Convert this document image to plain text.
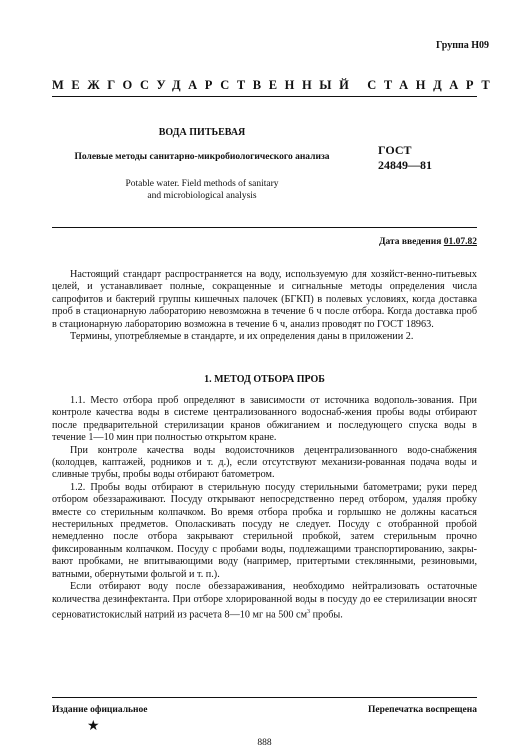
Группа Н09
МЕЖГОСУДАРСТВЕННЫЙ СТАНДАРТ
ВОДА ПИТЬЕВАЯ
Полевые методы санитарно-микробиологического анализа
Potable water. Field methods of sanitary
and microbiological analysis
ГОСТ
24849—81
Дата введения 01.07.82

Настоящий стандарт распространяется на воду, используемую для хозяйст-венно-питьевых целей, и устанавливает полные, сокращенные и сигнальные методы определения числа сапрофитов и бактерий группы кишечных палочек (БГКП) в полевых условиях, когда доставка проб в стационарную лабораторию невозможна в течение 6 ч после отбора. Когда доставка проб в стационарную лабораторию возможна в течение 6 ч, анализ проводят по ГОСТ 18963.

Термины, употребляемые в стандарте, и их определения даны в приложении 2.

1. МЕТОД ОТБОРА ПРОБ

1.1. Место отбора проб определяют в зависимости от источника водополь-зования. При контроле качества воды в системе централизованного водоснаб-жения пробы воды отбирают после предварительной стерилизации кранов обжиганием и последующего спуска воды в течение 1—10 мин при полностью открытом кране.

При контроле качества воды водоисточников децентрализованного водо-снабжения (колодцев, каптажей, родников и т. д.), если отсутствуют механизи-рованная подача воды и сливные трубы, пробы воды отбирают батометром.

1.2. Пробы воды отбирают в стерильную посуду стерильными батометрами; руки перед отбором обеззараживают. Посуду открывают непосредственно перед отбором, удаляя пробку вместе со стерильным колпачком. Во время отбора пробка и горлышко не должны касаться нестерильных предметов. Ополаскивать посуду не следует. Посуду с отобранной пробой немедленно после отбора закрывают стерильной пробкой, затем стерильным прочно фиксированным колпачком. Посуду с пробами воды, подлежащими транспортированию, закры-вают пробками, не впитывающими воду (например, притертыми стеклянными, резиновыми, ватными, обернутыми фольгой и т. п.).

Если отбирают воду после обеззараживания, необходимо нейтрализовать остаточные количества дезинфектанта. При отборе хлорированной воды в посуду до ее стерилизации вносят серноватистокислый натрий из расчета 8—10 мг на 500 $см^3$ пробы.

Издание официальное	Перепечатка воспрещена
★
888
